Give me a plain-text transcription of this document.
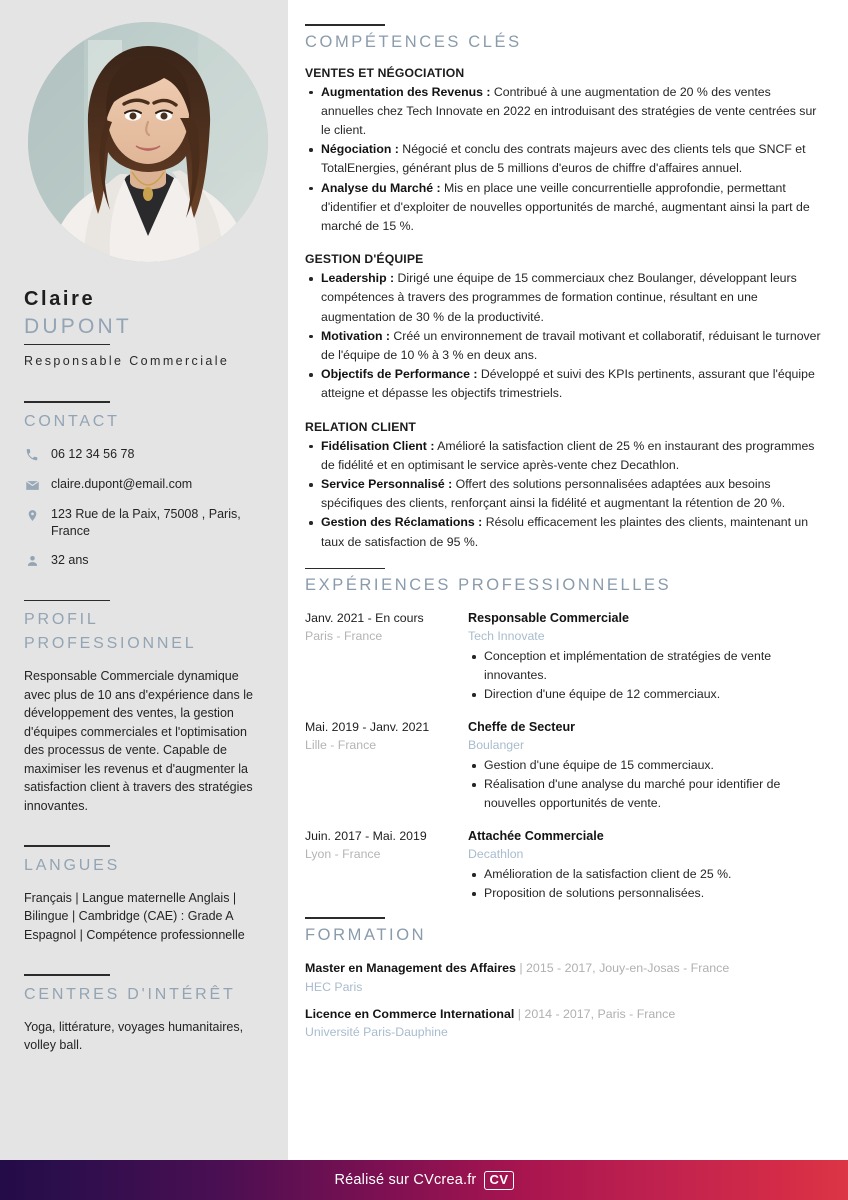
Claire
DUPONT
Responsable Commerciale
CONTACT
06 12 34 56 78
claire.dupont@email.com
123 Rue de la Paix, 75008 , Paris, France
32 ans
PROFIL PROFESSIONNEL
Responsable Commerciale dynamique avec plus de 10 ans d'expérience dans le développement des ventes, la gestion d'équipes commerciales et l'optimisation des processus de vente. Capable de maximiser les revenus et d'augmenter la satisfaction client à travers des stratégies innovantes.
LANGUES
Français | Langue maternelle Anglais | Bilingue | Cambridge (CAE) : Grade A Espagnol | Compétence professionnelle
CENTRES D'INTÉRÊT
Yoga, littérature, voyages humanitaires, volley ball.
COMPÉTENCES CLÉS
VENTES ET NÉGOCIATION
Augmentation des Revenus : Contribué à une augmentation de 20 % des ventes annuelles chez Tech Innovate en 2022 en introduisant des stratégies de vente centrées sur le client.
Négociation : Négocié et conclu des contrats majeurs avec des clients tels que SNCF et TotalEnergies, générant plus de 5 millions d'euros de chiffre d'affaires annuel.
Analyse du Marché : Mis en place une veille concurrentielle approfondie, permettant d'identifier et d'exploiter de nouvelles opportunités de marché, augmentant ainsi la part de marché de 15 %.
GESTION D'ÉQUIPE
Leadership : Dirigé une équipe de 15 commerciaux chez Boulanger, développant leurs compétences à travers des programmes de formation continue, résultant en une augmentation de 30 % de la productivité.
Motivation : Créé un environnement de travail motivant et collaboratif, réduisant le turnover de l'équipe de 10 % à 3 % en deux ans.
Objectifs de Performance : Développé et suivi des KPIs pertinents, assurant que l'équipe atteigne et dépasse les objectifs trimestriels.
RELATION CLIENT
Fidélisation Client : Amélioré la satisfaction client de 25 % en instaurant des programmes de fidélité et en optimisant le service après-vente chez Decathlon.
Service Personnalisé : Offert des solutions personnalisées adaptées aux besoins spécifiques des clients, renforçant ainsi la fidélité et augmentant la rétention de 20 %.
Gestion des Réclamations : Résolu efficacement les plaintes des clients, maintenant un taux de satisfaction de 95 %.
EXPÉRIENCES PROFESSIONNELLES
Janv. 2021 - En cours
Paris - France
Responsable Commerciale
Tech Innovate
Conception et implémentation de stratégies de vente innovantes.
Direction d'une équipe de 12 commerciaux.
Mai. 2019 - Janv. 2021
Lille - France
Cheffe de Secteur
Boulanger
Gestion d'une équipe de 15 commerciaux.
Réalisation d'une analyse du marché pour identifier de nouvelles opportunités de vente.
Juin. 2017 - Mai. 2019
Lyon - France
Attachée Commerciale
Decathlon
Amélioration de la satisfaction client de 25 %.
Proposition de solutions personnalisées.
FORMATION
Master en Management des Affaires | 2015 - 2017, Jouy-en-Josas - France
HEC Paris
Licence en Commerce International | 2014 - 2017, Paris - France
Université Paris-Dauphine
Réalisé sur CVcrea.fr	CV
